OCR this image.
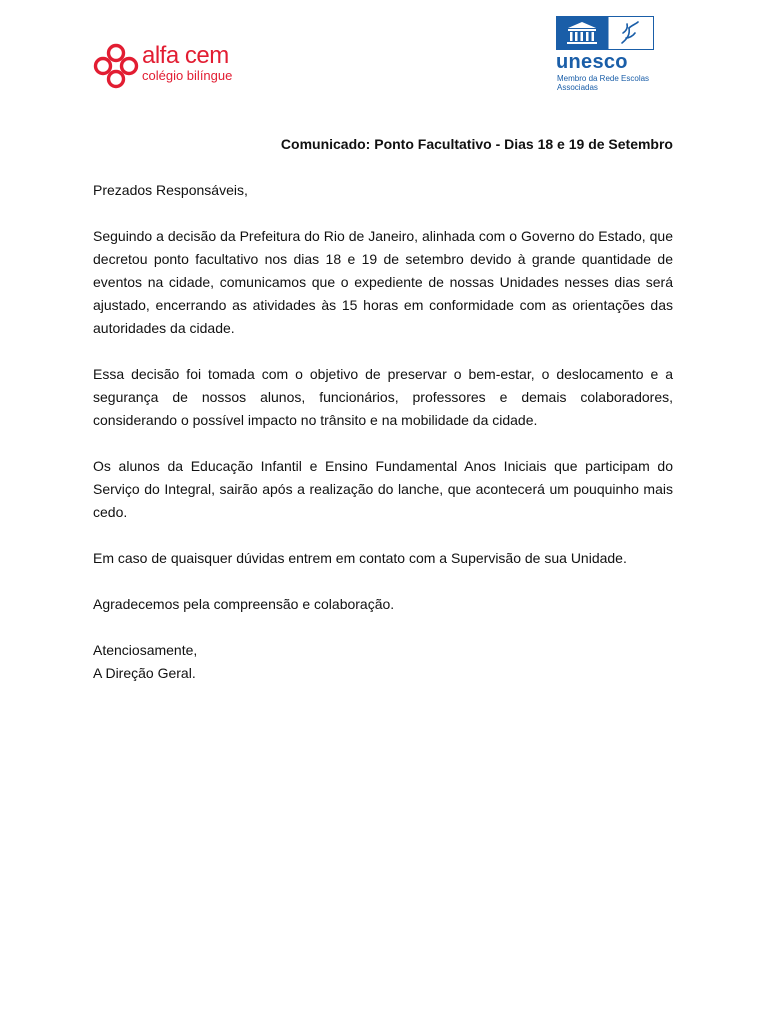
alfa cem
colégio bilíngue
unesco
Membro da Rede Escolas Associadas

Comunicado: Ponto Facultativo - Dias 18 e 19 de Setembro

Prezados Responsáveis,

Seguindo a decisão da Prefeitura do Rio de Janeiro, alinhada com o Governo do Estado, que decretou ponto facultativo nos dias 18 e 19 de setembro devido à grande quantidade de eventos na cidade, comunicamos que o expediente de nossas Unidades nesses dias será ajustado, encerrando as atividades às 15 horas em conformidade com as orientações das autoridades da cidade.

Essa decisão foi tomada com o objetivo de preservar o bem-estar, o deslocamento e a segurança de nossos alunos, funcionários, professores e demais colaboradores, considerando o possível impacto no trânsito e na mobilidade da cidade.

Os alunos da Educação Infantil e Ensino Fundamental Anos Iniciais que participam do Serviço do Integral, sairão após a realização do lanche, que acontecerá um pouquinho mais cedo.

Em caso de quaisquer dúvidas entrem em contato com a Supervisão de sua Unidade.

Agradecemos pela compreensão e colaboração.

Atenciosamente,

A Direção Geral.
